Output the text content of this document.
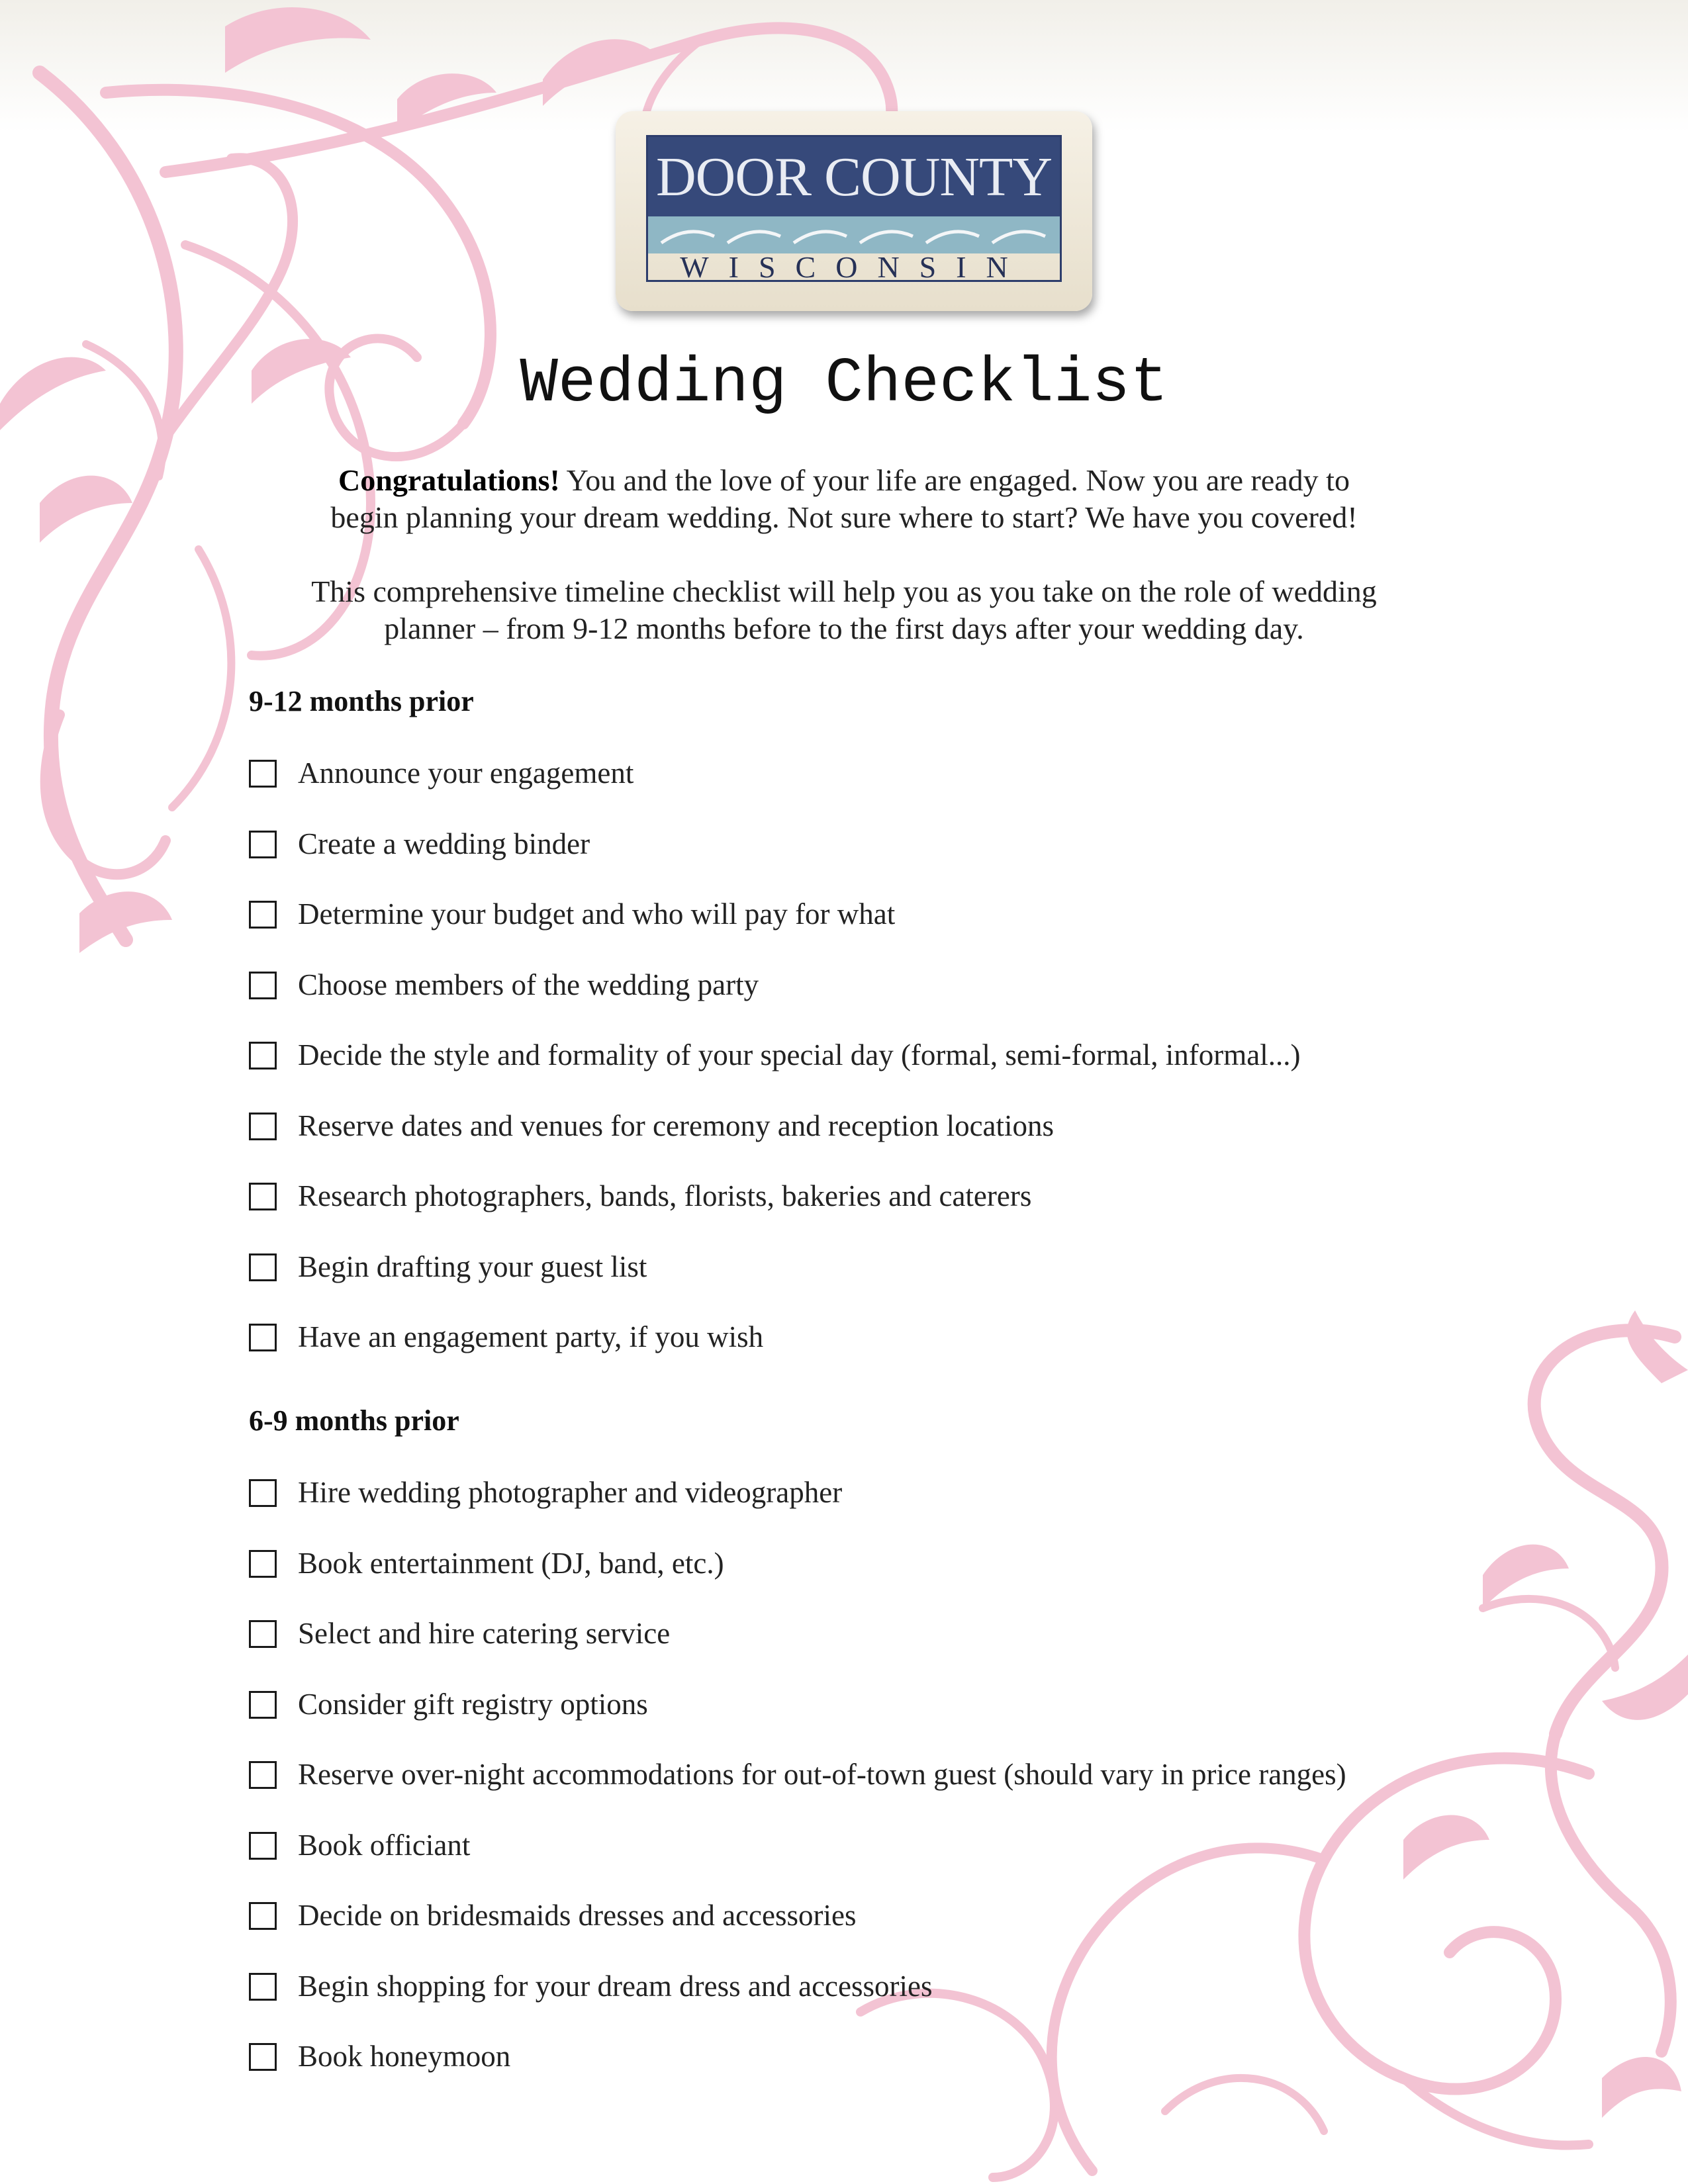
DOOR COUNTY
WISCONSIN
Wedding Checklist
Congratulations! You and the love of your life are engaged. Now you are ready to
begin planning your dream wedding. Not sure where to start? We have you covered!
This comprehensive timeline checklist will help you as you take on the role of wedding
planner – from 9-12 months before to the first days after your wedding day.
9-12 months prior
Announce your engagement
Create a wedding binder
Determine your budget and who will pay for what
Choose members of the wedding party
Decide the style and formality of your special day (formal, semi-formal, informal...)
Reserve dates and venues for ceremony and reception locations
Research photographers, bands, florists, bakeries and caterers
Begin drafting your guest list
Have an engagement party, if you wish
6-9 months prior
Hire wedding photographer and videographer
Book entertainment (DJ, band, etc.)
Select and hire catering service
Consider gift registry options
Reserve over-night accommodations for out-of-town guest (should vary in price ranges)
Book officiant
Decide on bridesmaids dresses and accessories
Begin shopping for your dream dress and accessories
Book honeymoon
